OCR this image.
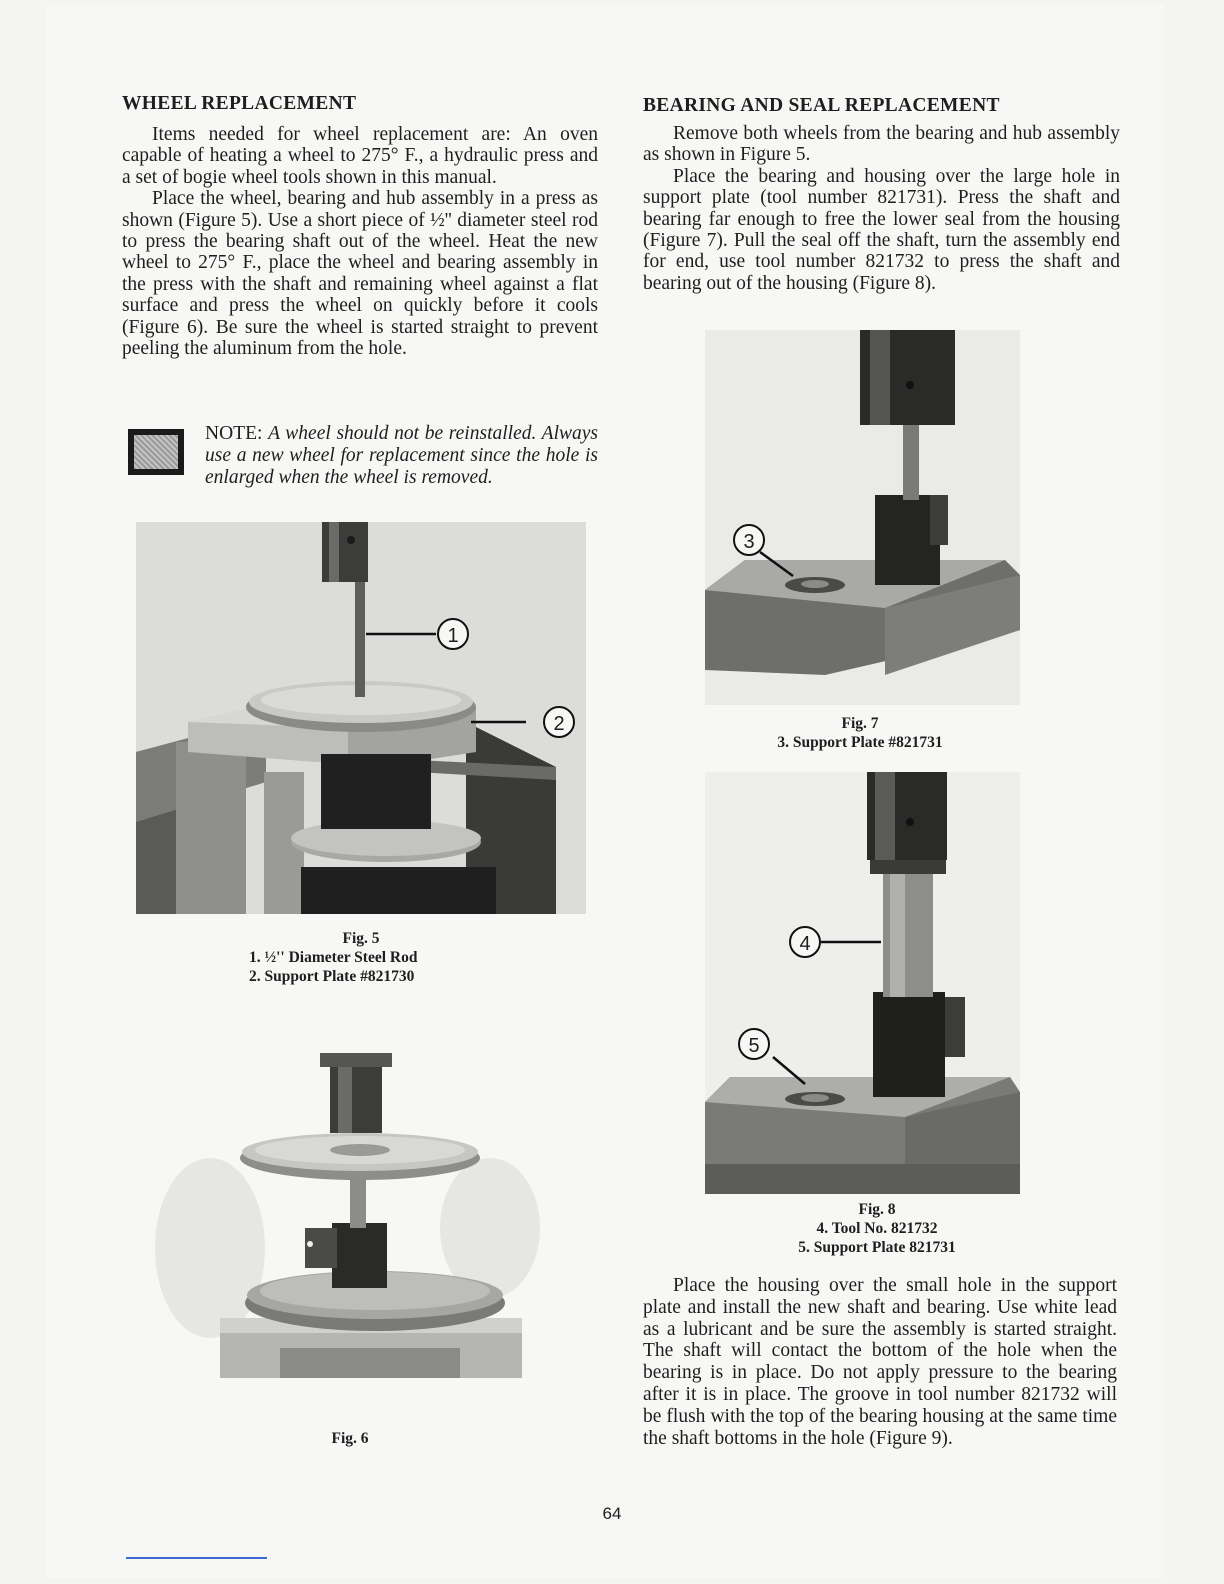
WHEEL REPLACEMENT

Items needed for wheel replacement are: An oven capable of heating a wheel to 275° F., a hydraulic press and a set of bogie wheel tools shown in this manual.

Place the wheel, bearing and hub assembly in a press as shown (Figure 5). Use a short piece of ½'' diameter steel rod to press the bearing shaft out of the wheel. Heat the new wheel to 275° F., place the wheel and bearing assembly in the press with the shaft and remaining wheel against a flat surface and press the wheel on quickly before it cools (Figure 6). Be sure the wheel is started straight to prevent peeling the aluminum from the hole.

NOTE: A wheel should not be reinstalled. Always use a new wheel for replacement since the hole is enlarged when the wheel is removed.
1
2
Fig. 5
1. ½'' Diameter Steel Rod
2. Support Plate #821730
Fig. 6
BEARING AND SEAL REPLACEMENT

Remove both wheels from the bearing and hub assembly as shown in Figure 5.

Place the bearing and housing over the large hole in support plate (tool number 821731). Press the shaft and bearing far enough to free the lower seal from the housing (Figure 7). Pull the seal off the shaft, turn the assembly end for end, use tool number 821732 to press the shaft and bearing out of the housing (Figure 8).

3
Fig. 7
3. Support Plate #821731
4
5
Fig. 8
4. Tool No. 821732
5. Support Plate 821731

Place the housing over the small hole in the support plate and install the new shaft and bearing. Use white lead as a lubricant and be sure the assembly is started straight. The shaft will contact the bottom of the hole when the bearing is in place. Do not apply pressure to the bearing after it is in place. The groove in tool number 821732 will be flush with the top of the bearing housing at the same time the shaft bottoms in the hole (Figure 9).

64
